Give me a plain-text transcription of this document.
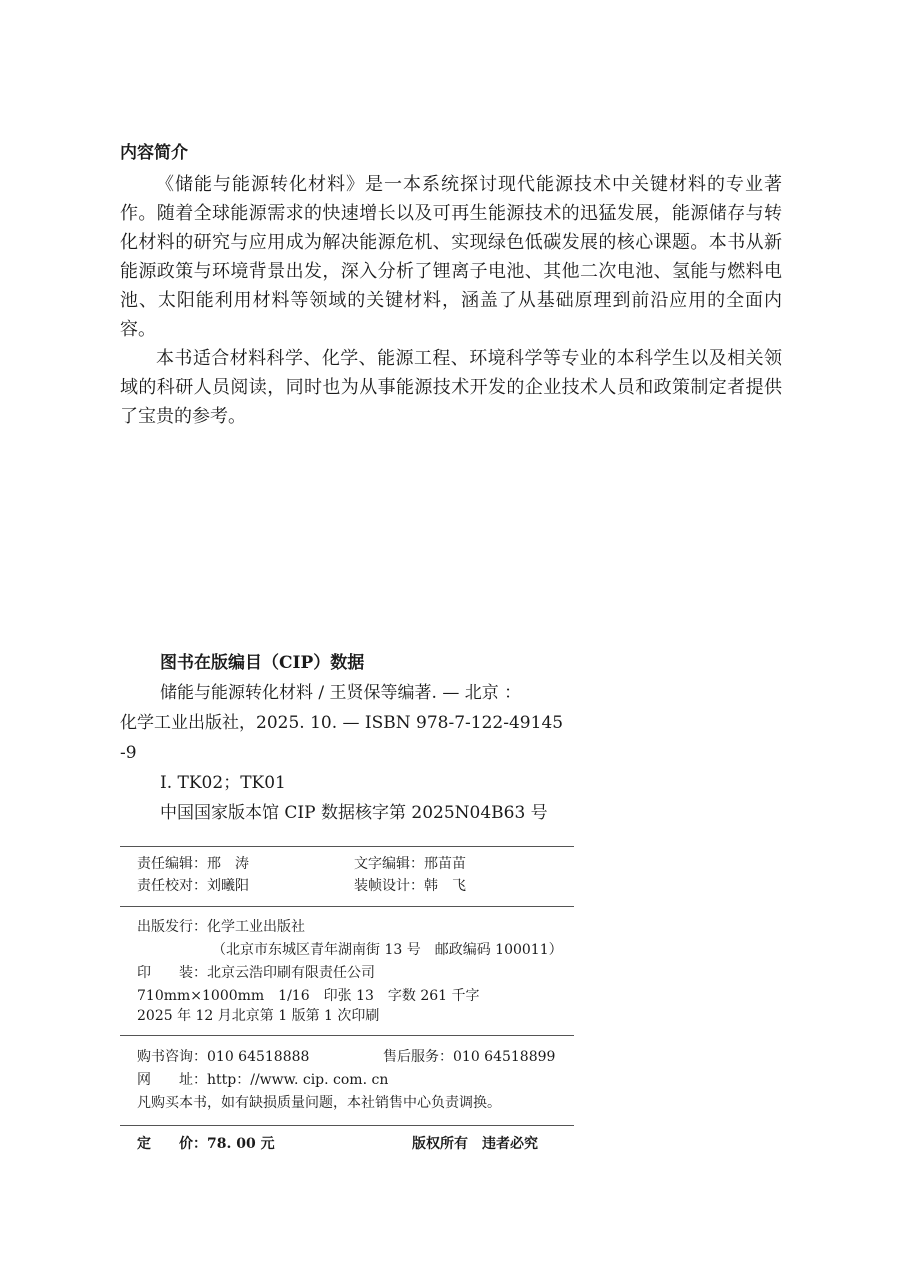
内容简介

《储能与能源转化材料》是一本系统探讨现代能源技术中关键材料的专业著作。随着全球能源需求的快速增长以及可再生能源技术的迅猛发展，能源储存与转化材料的研究与应用成为解决能源危机、实现绿色低碳发展的核心课题。本书从新能源政策与环境背景出发，深入分析了锂离子电池、其他二次电池、氢能与燃料电池、太阳能利用材料等领域的关键材料，涵盖了从基础原理到前沿应用的全面内容。

本书适合材料科学、化学、能源工程、环境科学等专业的本科学生以及相关领域的科研人员阅读，同时也为从事能源技术开发的企业技术人员和政策制定者提供了宝贵的参考。

图书在版编目（CIP）数据
储能与能源转化材料 / 王贤保等编著. — 北京 ：
化学工业出版社，2025. 10. — ISBN 978-7-122-49145
-9
Ⅰ. TK02；TK01
中国国家版本馆 CIP 数据核字第 2025N04B63 号
责任编辑：邢　涛	文字编辑：邢苗苗
责任校对：刘曦阳	装帧设计：韩　飞
出版发行：化学工业出版社
（北京市东城区青年湖南街 13 号　邮政编码 100011）
印　　装：北京云浩印刷有限责任公司
710mm×1000mm　1/16　印张 13　字数 261 千字
2025 年 12 月北京第 1 版第 1 次印刷
购书咨询：010 64518888	售后服务：010 64518899
网　　址：http：//www. cip. com. cn
凡购买本书，如有缺损质量问题，本社销售中心负责调换。
定　　价：78. 00 元	版权所有　违者必究
